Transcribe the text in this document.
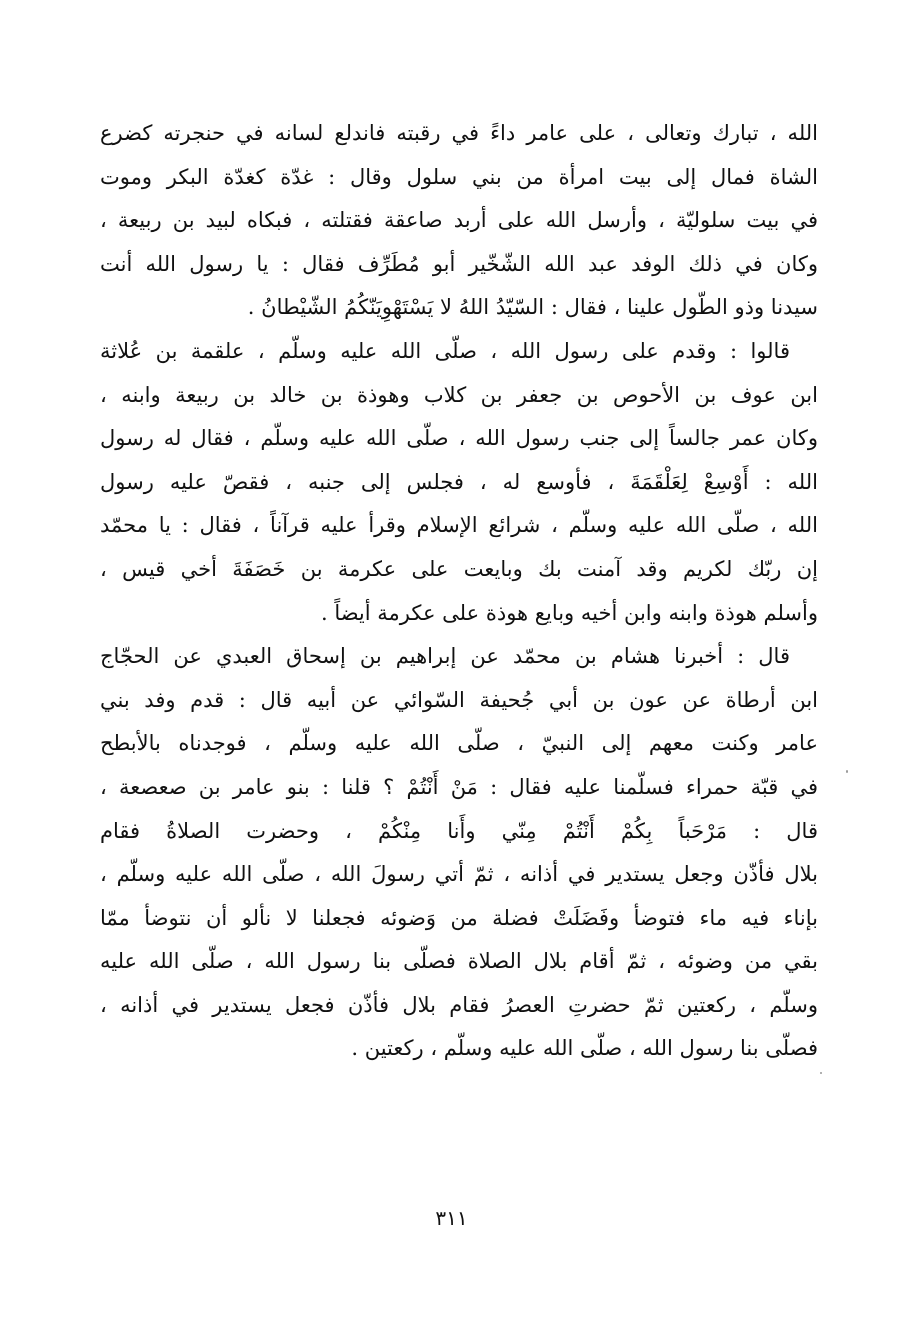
الله ، تبارك وتعالى ، على عامر داءً في رقبته فاندلع لسانه في حنجرته كضرع
الشاة فمال إلى بيت امرأة من بني سلول وقال : غدّة كغدّة البكر وموت
في بيت سلوليّة ، وأرسل الله على أربد صاعقة فقتلته ، فبكاه لبيد بن ربيعة ،
وكان في ذلك الوفد عبد الله الشّخّير أبو مُطَرِّف فقال : يا رسول الله أنت
سيدنا وذو الطّول علينا ، فقال : السّيّدُ اللهُ لا يَسْتَهْوِيَنّكُمُ الشّيْطانُ .
قالوا : وقدم على رسول الله ، صلّى الله عليه وسلّم ، علقمة بن عُلاثة
ابن عوف بن الأحوص بن جعفر بن كلاب وهوذة بن خالد بن ربيعة وابنه ،
وكان عمر جالساً إلى جنب رسول الله ، صلّى الله عليه وسلّم ، فقال له رسول
الله : أَوْسِعْ لِعَلْقَمَةَ ، فأوسع له ، فجلس إلى جنبه ، فقصّ عليه رسول
الله ، صلّى الله عليه وسلّم ، شرائع الإسلام وقرأ عليه قرآناً ، فقال : يا محمّد
إن ربّك لكريم وقد آمنت بك وبايعت على عكرمة بن خَصَفَةَ أخي قيس ،
وأسلم هوذة وابنه وابن أخيه وبايع هوذة على عكرمة أيضاً .
قال : أخبرنا هشام بن محمّد عن إبراهيم بن إسحاق العبدي عن الحجّاج
ابن أرطاة عن عون بن أبي جُحيفة السّوائي عن أبيه قال : قدم وفد بني
عامر وكنت معهم إلى النبيّ ، صلّى الله عليه وسلّم ، فوجدناه بالأبطح
في قبّة حمراء فسلّمنا عليه فقال : مَنْ أَنْتُمْ ؟ قلنا : بنو عامر بن صعصعة ،
قال : مَرْحَباً بِكُمْ أَنْتُمْ مِنّي وأَنا مِنْكُمْ ، وحضرت الصلاةُ فقام
بلال فأذّن وجعل يستدير في أذانه ، ثمّ أتي رسولَ الله ، صلّى الله عليه وسلّم ،
بإناء فيه ماء فتوضأ وفَضَلَتْ فضلة من وَضوئه فجعلنا لا نألو أن نتوضأ ممّا
بقي من وضوئه ، ثمّ أقام بلال الصلاة فصلّى بنا رسول الله ، صلّى الله عليه
وسلّم ، ركعتين ثمّ حضرتِ العصرُ فقام بلال فأذّن فجعل يستدير في أذانه ،
فصلّى بنا رسول الله ، صلّى الله عليه وسلّم ، ركعتين .
٣١١
